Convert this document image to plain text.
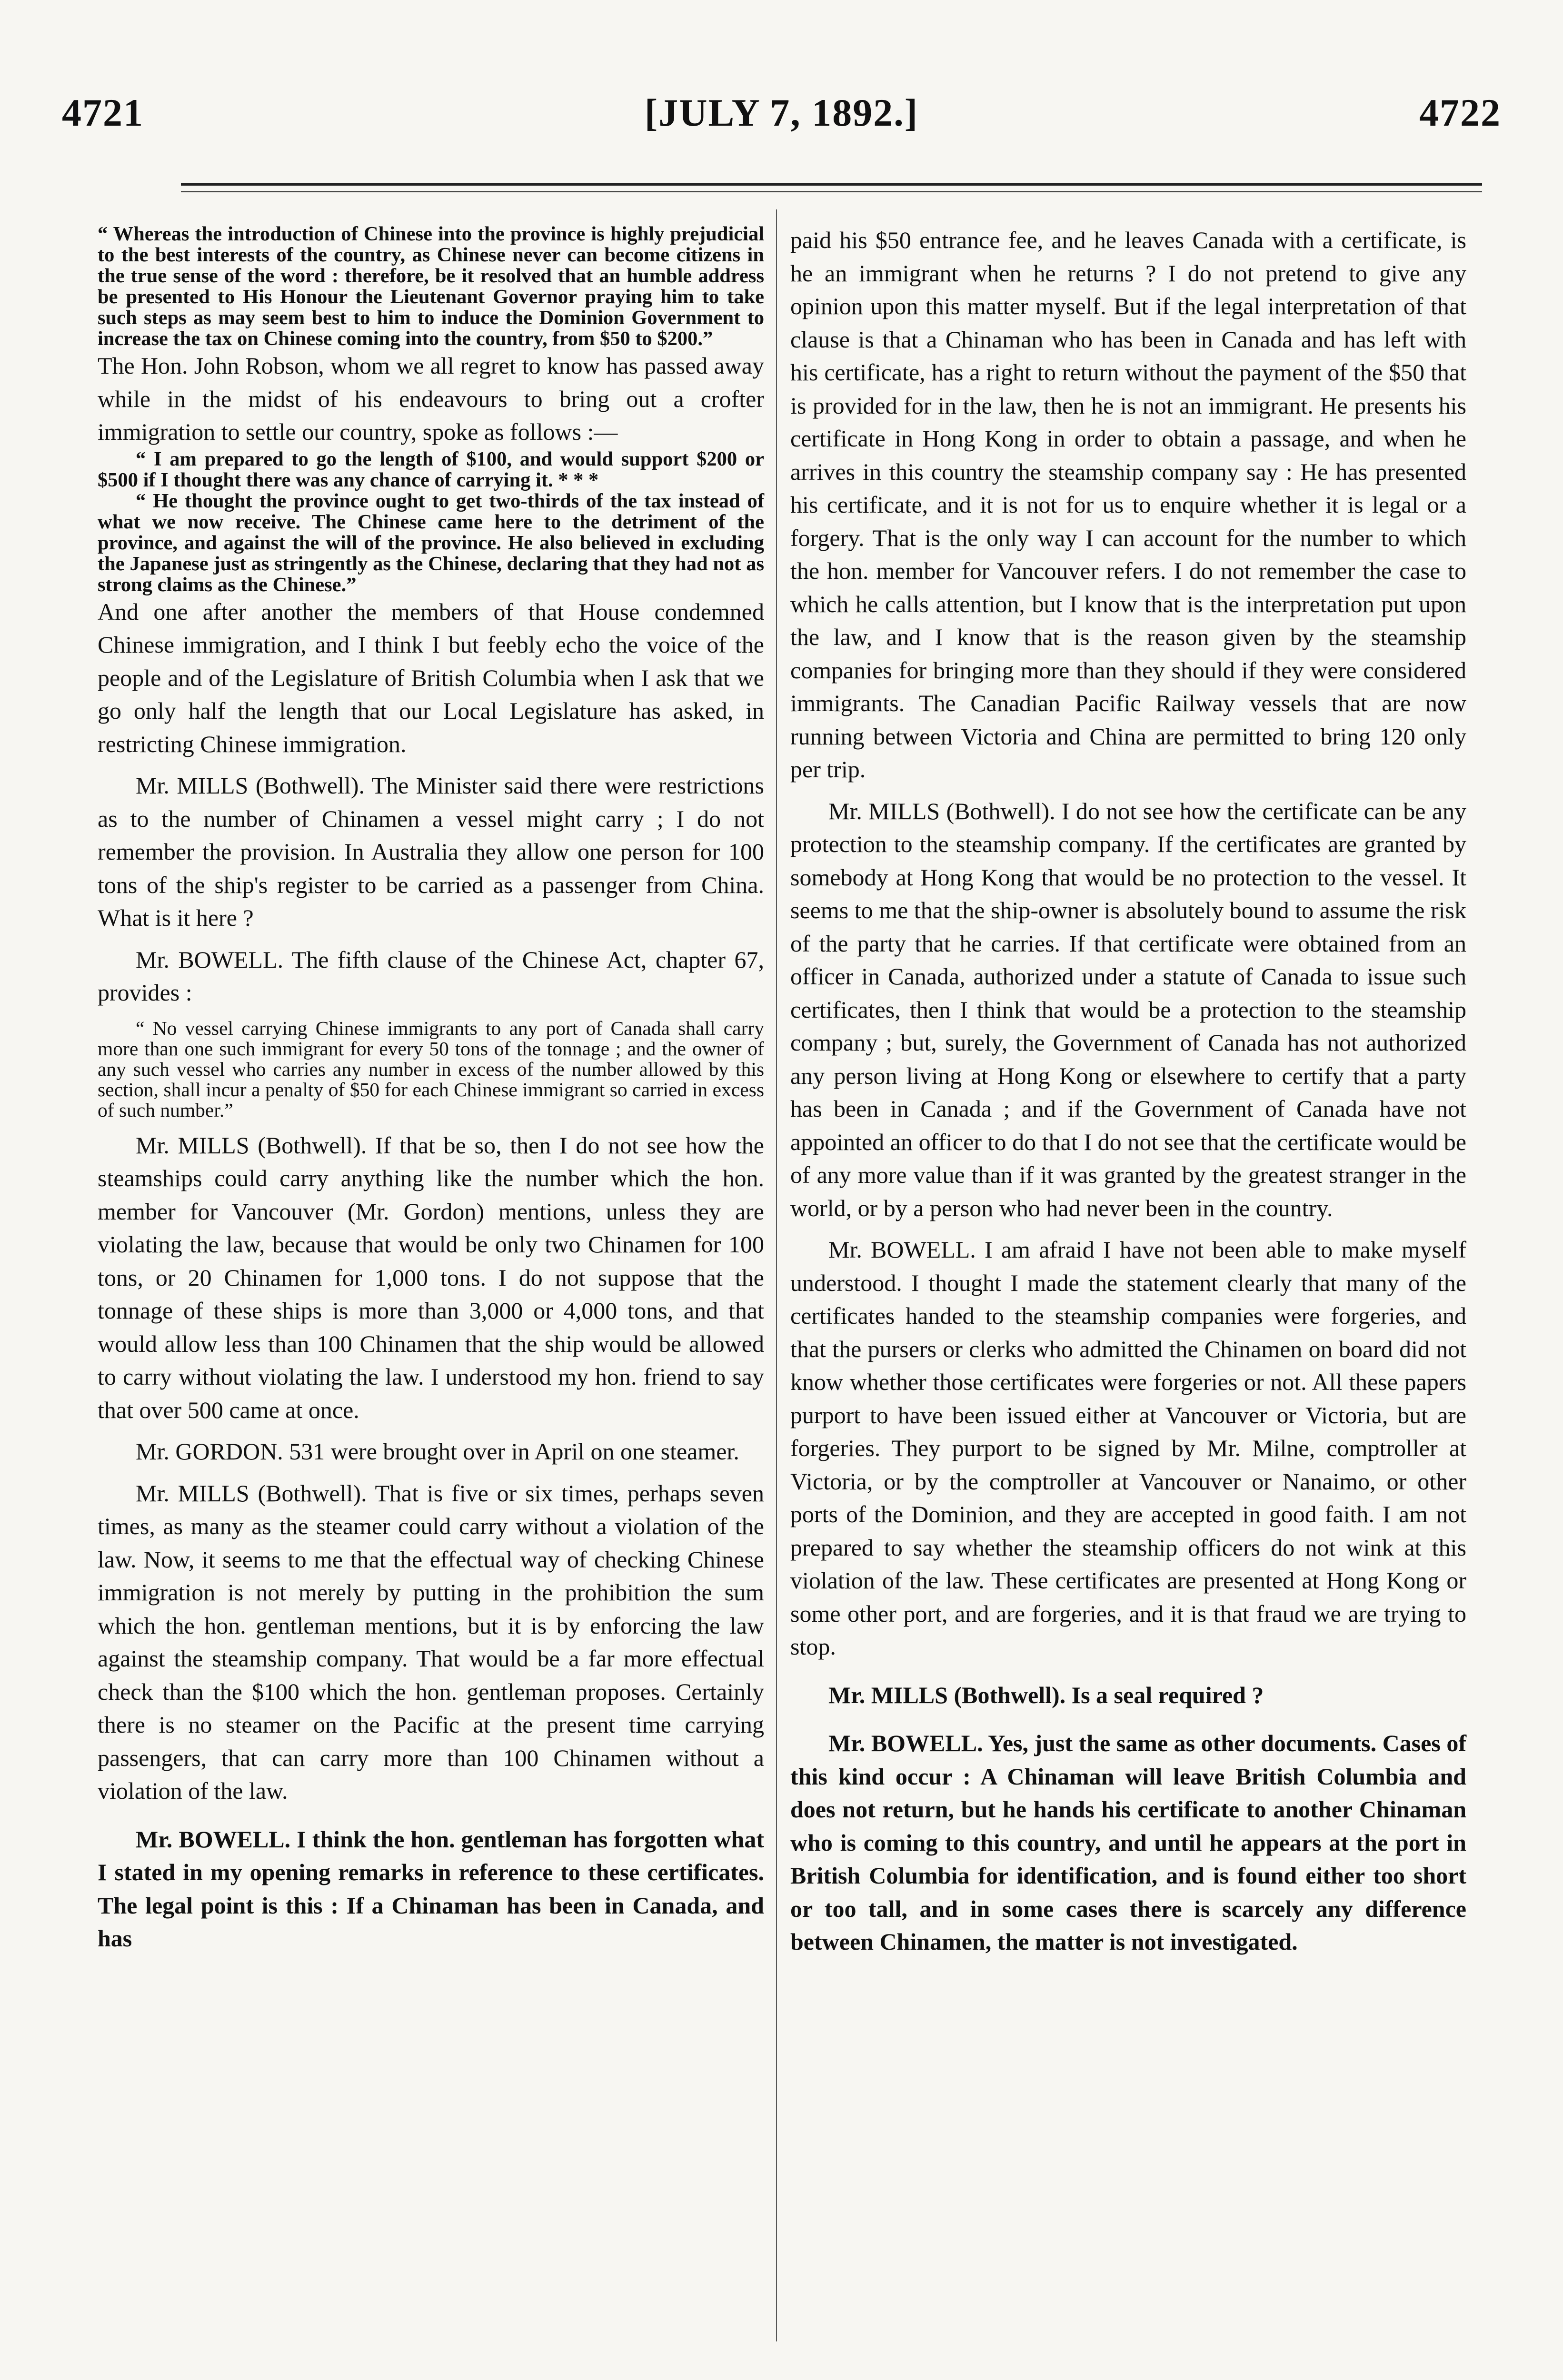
4721	[JULY 7, 1892.]	4722

“ Whereas the introduction of Chinese into the province is highly prejudicial to the best interests of the country, as Chinese never can become citizens in the true sense of the word : therefore, be it resolved that an humble address be presented to His Honour the Lieutenant Governor praying him to take such steps as may seem best to him to induce the Dominion Government to increase the tax on Chinese coming into the country, from $50 to $200.”

The Hon. John Robson, whom we all regret to know has passed away while in the midst of his endeavours to bring out a crofter immigration to settle our country, spoke as follows :—

“ I am prepared to go the length of $100, and would support $200 or $500 if I thought there was any chance of carrying it. * * *

“ He thought the province ought to get two-thirds of the tax instead of what we now receive. The Chinese came here to the detriment of the province, and against the will of the province. He also believed in excluding the Japanese just as stringently as the Chinese, declaring that they had not as strong claims as the Chinese.”

And one after another the members of that House condemned Chinese immigration, and I think I but feebly echo the voice of the people and of the Legislature of British Columbia when I ask that we go only half the length that our Local Legislature has asked, in restricting Chinese immigration.

Mr. MILLS (Bothwell). The Minister said there were restrictions as to the number of Chinamen a vessel might carry ; I do not remember the provision. In Australia they allow one person for 100 tons of the ship's register to be carried as a passenger from China. What is it here ?

Mr. BOWELL. The fifth clause of the Chinese Act, chapter 67, provides :

“ No vessel carrying Chinese immigrants to any port of Canada shall carry more than one such immigrant for every 50 tons of the tonnage ; and the owner of any such vessel who carries any number in excess of the number allowed by this section, shall incur a penalty of $50 for each Chinese immigrant so carried in excess of such number.”

Mr. MILLS (Bothwell). If that be so, then I do not see how the steamships could carry anything like the number which the hon. member for Vancouver (Mr. Gordon) mentions, unless they are violating the law, because that would be only two Chinamen for 100 tons, or 20 Chinamen for 1,000 tons. I do not suppose that the tonnage of these ships is more than 3,000 or 4,000 tons, and that would allow less than 100 Chinamen that the ship would be allowed to carry without violating the law. I understood my hon. friend to say that over 500 came at once.

Mr. GORDON. 531 were brought over in April on one steamer.

Mr. MILLS (Bothwell). That is five or six times, perhaps seven times, as many as the steamer could carry without a violation of the law. Now, it seems to me that the effectual way of checking Chinese immigration is not merely by putting in the prohibition the sum which the hon. gentleman mentions, but it is by enforcing the law against the steamship company. That would be a far more effectual check than the $100 which the hon. gentleman proposes. Certainly there is no steamer on the Pacific at the present time carrying passengers, that can carry more than 100 Chinamen without a violation of the law.

Mr. BOWELL. I think the hon. gentleman has forgotten what I stated in my opening remarks in reference to these certificates. The legal point is this : If a Chinaman has been in Canada, and has

paid his $50 entrance fee, and he leaves Canada with a certificate, is he an immigrant when he returns ? I do not pretend to give any opinion upon this matter myself. But if the legal interpretation of that clause is that a Chinaman who has been in Canada and has left with his certificate, has a right to return without the payment of the $50 that is provided for in the law, then he is not an immigrant. He presents his certificate in Hong Kong in order to obtain a passage, and when he arrives in this country the steamship company say : He has presented his certificate, and it is not for us to enquire whether it is legal or a forgery. That is the only way I can account for the number to which the hon. member for Vancouver refers. I do not remember the case to which he calls attention, but I know that is the interpretation put upon the law, and I know that is the reason given by the steamship companies for bringing more than they should if they were considered immigrants. The Canadian Pacific Railway vessels that are now running between Victoria and China are permitted to bring 120 only per trip.

Mr. MILLS (Bothwell). I do not see how the certificate can be any protection to the steamship company. If the certificates are granted by somebody at Hong Kong that would be no protection to the vessel. It seems to me that the ship-owner is absolutely bound to assume the risk of the party that he carries. If that certificate were obtained from an officer in Canada, authorized under a statute of Canada to issue such certificates, then I think that would be a protection to the steamship company ; but, surely, the Government of Canada has not authorized any person living at Hong Kong or elsewhere to certify that a party has been in Canada ; and if the Government of Canada have not appointed an officer to do that I do not see that the certificate would be of any more value than if it was granted by the greatest stranger in the world, or by a person who had never been in the country.

Mr. BOWELL. I am afraid I have not been able to make myself understood. I thought I made the statement clearly that many of the certificates handed to the steamship companies were forgeries, and that the pursers or clerks who admitted the Chinamen on board did not know whether those certificates were forgeries or not. All these papers purport to have been issued either at Vancouver or Victoria, but are forgeries. They purport to be signed by Mr. Milne, comptroller at Victoria, or by the comptroller at Vancouver or Nanaimo, or other ports of the Dominion, and they are accepted in good faith. I am not prepared to say whether the steamship officers do not wink at this violation of the law. These certificates are presented at Hong Kong or some other port, and are forgeries, and it is that fraud we are trying to stop.

Mr. MILLS (Bothwell). Is a seal required ?

Mr. BOWELL. Yes, just the same as other documents. Cases of this kind occur : A Chinaman will leave British Columbia and does not return, but he hands his certificate to another Chinaman who is coming to this country, and until he appears at the port in British Columbia for identification, and is found either too short or too tall, and in some cases there is scarcely any difference between Chinamen, the matter is not investigated.
